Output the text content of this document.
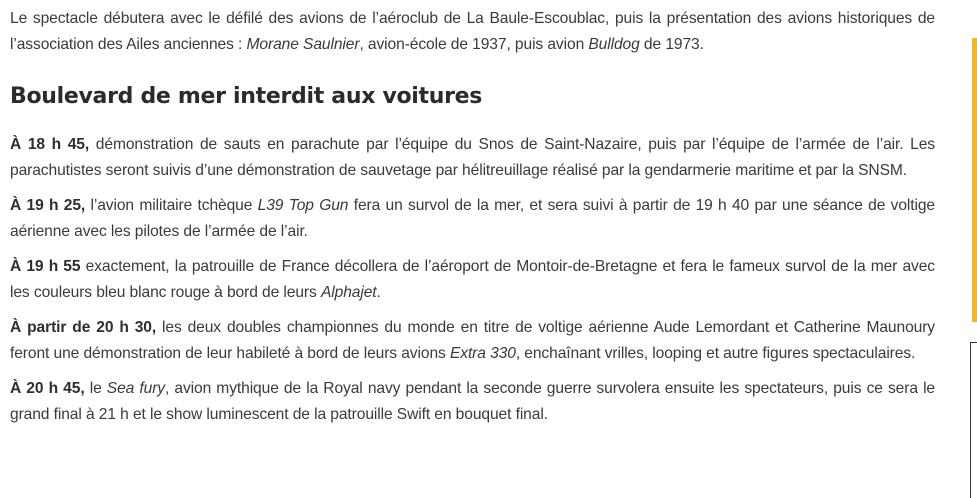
Le spectacle débutera avec le défilé des avions de l’aéroclub de La Baule-Escoublac, puis la présentation des avions historiques de l’association des Ailes anciennes : Morane Saulnier, avion-école de 1937, puis avion Bulldog de 1973.

Boulevard de mer interdit aux voitures

À 18 h 45, démonstration de sauts en parachute par l’équipe du Snos de Saint-Nazaire, puis par l’équipe de l’armée de l’air. Les parachutistes seront suivis d’une démonstration de sauvetage par hélitreuillage réalisé par la gendarmerie maritime et par la SNSM.

À 19 h 25, l’avion militaire tchèque L39 Top Gun fera un survol de la mer, et sera suivi à partir de 19 h 40 par une séance de voltige aérienne avec les pilotes de l’armée de l’air.

À 19 h 55 exactement, la patrouille de France décollera de l’aéroport de Montoir-de-Bretagne et fera le fameux survol de la mer avec les couleurs bleu blanc rouge à bord de leurs Alphajet.

À partir de 20 h 30, les deux doubles championnes du monde en titre de voltige aérienne Aude Lemordant et Catherine Maunoury feront une démonstration de leur habileté à bord de leurs avions Extra 330, enchaînant vrilles, looping et autre figures spectaculaires.

À 20 h 45, le Sea fury, avion mythique de la Royal navy pendant la seconde guerre survolera ensuite les spectateurs, puis ce sera le grand final à 21 h et le show luminescent de la patrouille Swift en bouquet final.
